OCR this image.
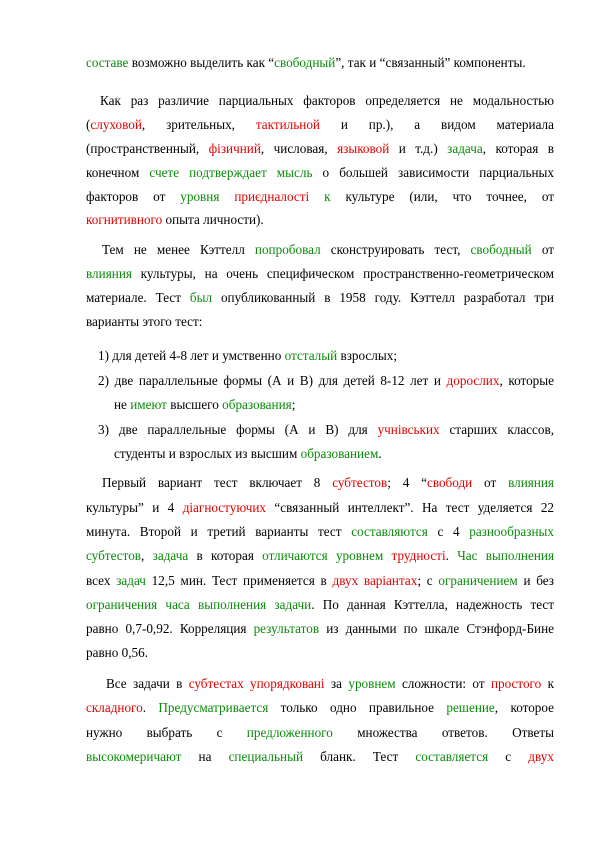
составе возможно выделить как “свободный”, так и “связанный” компоненты.
Как раз различие парциальных факторов определяется не модальностью
(слуховой, зрительных, тактильной и пр.), а видом материала
(пространственный, фізичний, числовая, языковой и т.д.) задача, которая в
конечном счете подтверждает мысль о большей зависимости парциальных
факторов от уровня приєдналості к культуре (или, что точнее, от
когнитивного опыта личности).
Тем не менее Кэттелл попробовал сконструировать тест, свободный от
влияния культуры, на очень специфическом пространственно-геометрическом
материале. Тест был опубликованный в 1958 году. Кэттелл разработал три
варианты этого тест:
1) для детей 4-8 лет и умственно отсталый взрослых;
2) две параллельные формы (А и В) для детей 8-12 лет и дорослих, которые
не имеют высшего образования;
3) две параллельные формы (А и В) для учнівських старших классов,
студенты и взрослых из высшим образованием.
Первый вариант тест включает 8 субтестов; 4 “свободи от влияния
культуры” и 4 діагностуючих “связанный интеллект”. На тест уделяется 22
минута. Второй и третий варианты тест составляются с 4 разнообразных
субтестов, задача в которая отличаются уровнем трудності. Час выполнения
всех задач 12,5 мин. Тест применяется в двух варіантах; с ограничением и без
ограничения часа выполнения задачи. По данная Кэттелла, надежность тест
равно 0,7-0,92. Корреляция результатов из данными по шкале Стэнфорд-Бине
равно 0,56.
Все задачи в субтестах упорядковані за уровнем сложности: от простого к
складного. Предусматривается только одно правильное решение, которое
нужно выбрать с предложенного множества ответов. Ответы
высокомеричают на специальный бланк. Тест составляется с двух
